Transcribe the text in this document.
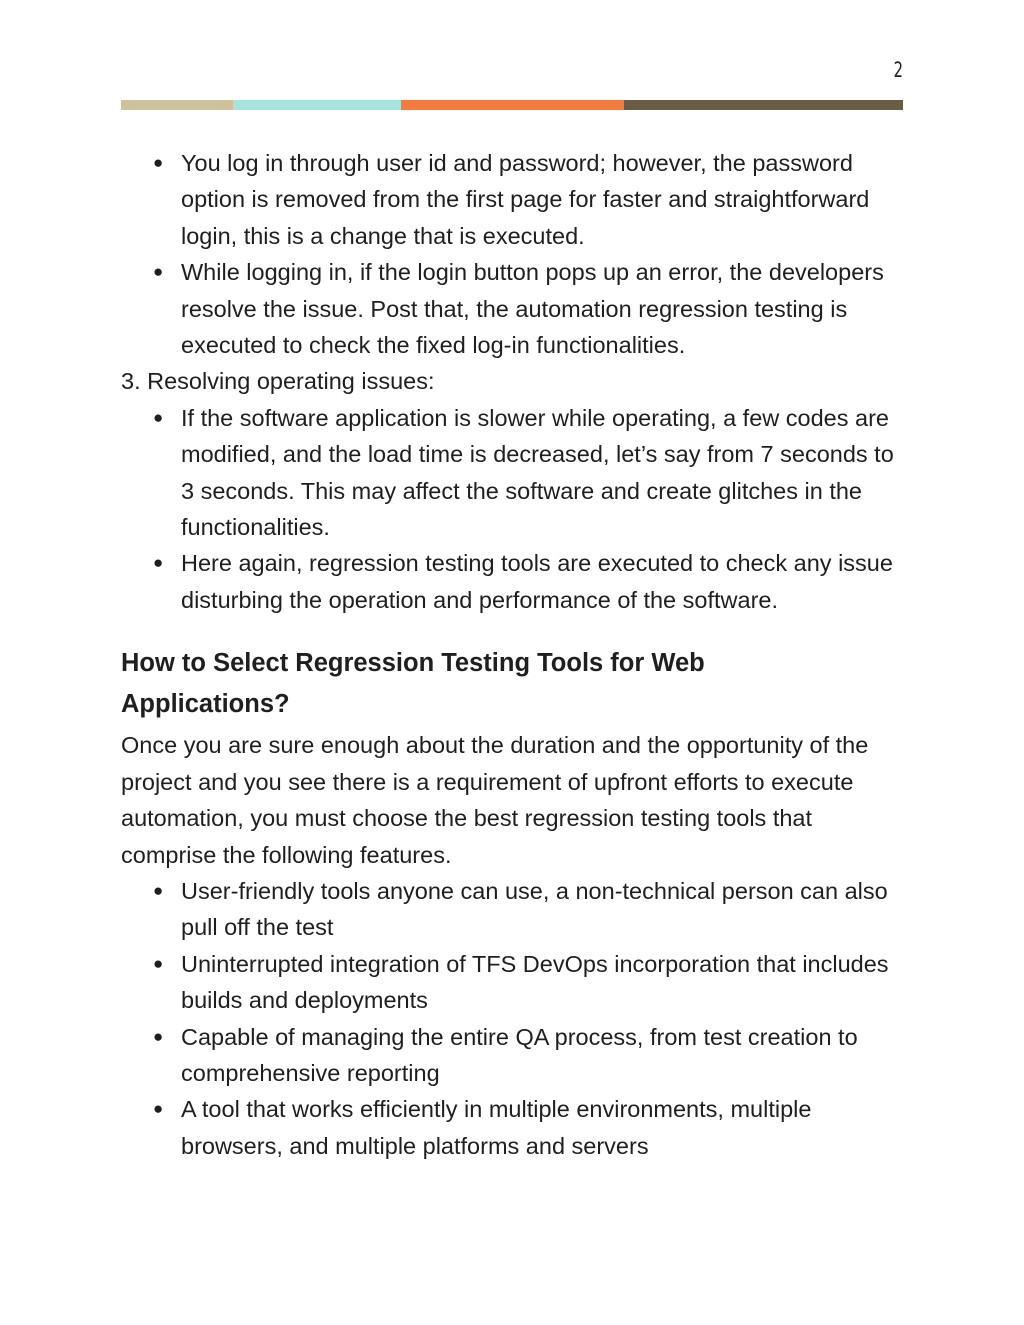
2
● You log in through user id and password; however, the password option is removed from the first page for faster and straightforward login, this is a change that is executed.
● While logging in, if the login button pops up an error, the developers resolve the issue. Post that, the automation regression testing is executed to check the fixed log-in functionalities.

3. Resolving operating issues:

● If the software application is slower while operating, a few codes are modified, and the load time is decreased, let’s say from 7 seconds to 3 seconds. This may affect the software and create glitches in the functionalities.
● Here again, regression testing tools are executed to check any issue disturbing the operation and performance of the software.
How to Select Regression Testing Tools for Web Applications?

Once you are sure enough about the duration and the opportunity of the project and you see there is a requirement of upfront efforts to execute automation, you must choose the best regression testing tools that comprise the following features.

● User-friendly tools anyone can use, a non-technical person can also pull off the test
● Uninterrupted integration of TFS DevOps incorporation that includes builds and deployments
● Capable of managing the entire QA process, from test creation to comprehensive reporting
● A tool that works efficiently in multiple environments, multiple browsers, and multiple platforms and servers
